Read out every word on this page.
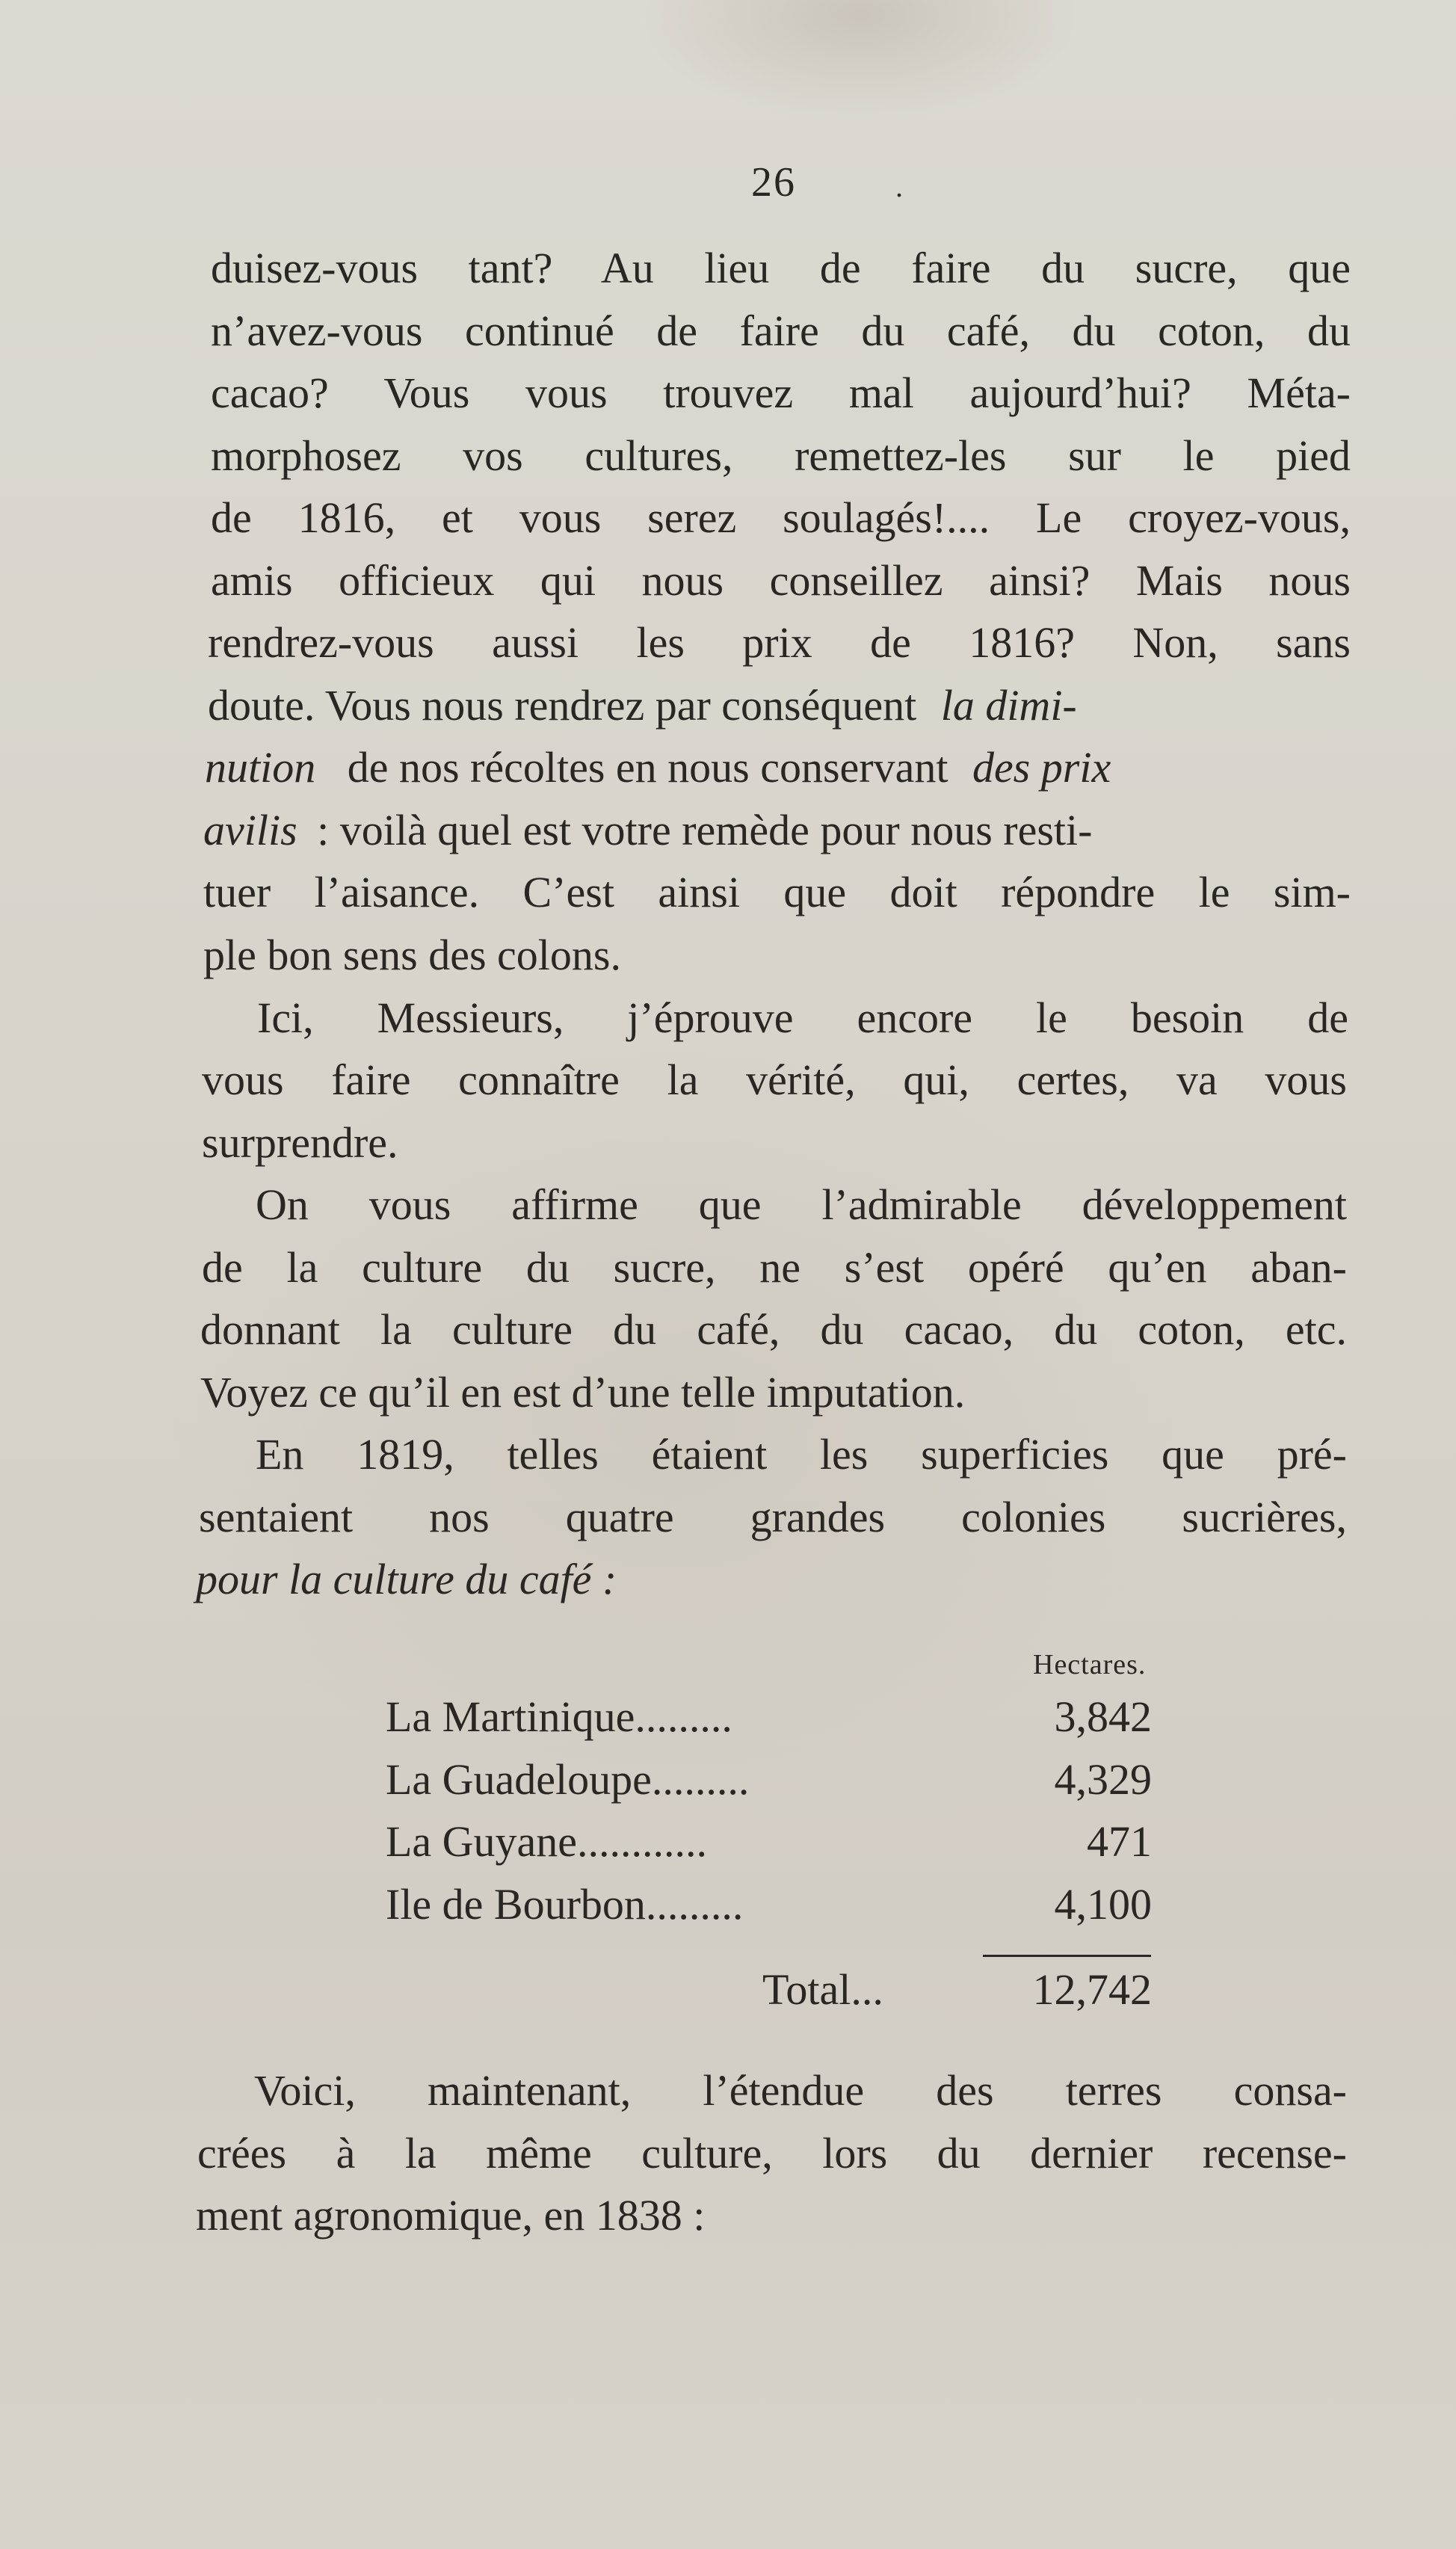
26	.
duisez-vous tant? Au lieu de faire du sucre, que
n’avez-vous continué de faire du café, du coton, du
cacao? Vous vous trouvez mal aujourd’hui? Méta-
morphosez vos cultures, remettez-les sur le pied
de 1816, et vous serez soulagés!.... Le croyez-vous,
amis officieux qui nous conseillez ainsi? Mais nous
rendrez-vous aussi les prix de 1816? Non, sans
doute. Vous nous rendrez par conséquent la dimi-
nution de nos récoltes en nous conservant des prix
avilis : voilà quel est votre remède pour nous resti-
tuer l’aisance. C’est ainsi que doit répondre le sim-
ple bon sens des colons.
Ici, Messieurs, j’éprouve encore le besoin de
vous faire connaître la vérité, qui, certes, va vous
surprendre.
On vous affirme que l’admirable développement
de la culture du sucre, ne s’est opéré qu’en aban-
donnant la culture du café, du cacao, du coton, etc.
Voyez ce qu’il en est d’une telle imputation.
En 1819, telles étaient les superficies que pré-
sentaient nos quatre grandes colonies sucrières,
pour la culture du café :
Hectares.
La Martinique.........	3,842
La Guadeloupe.........	4,329
La Guyane............	471
Ile de Bourbon.........	4,100
Total...	12,742
Voici, maintenant, l’étendue des terres consa-
crées à la même culture, lors du dernier recense-
ment agronomique, en 1838 :
